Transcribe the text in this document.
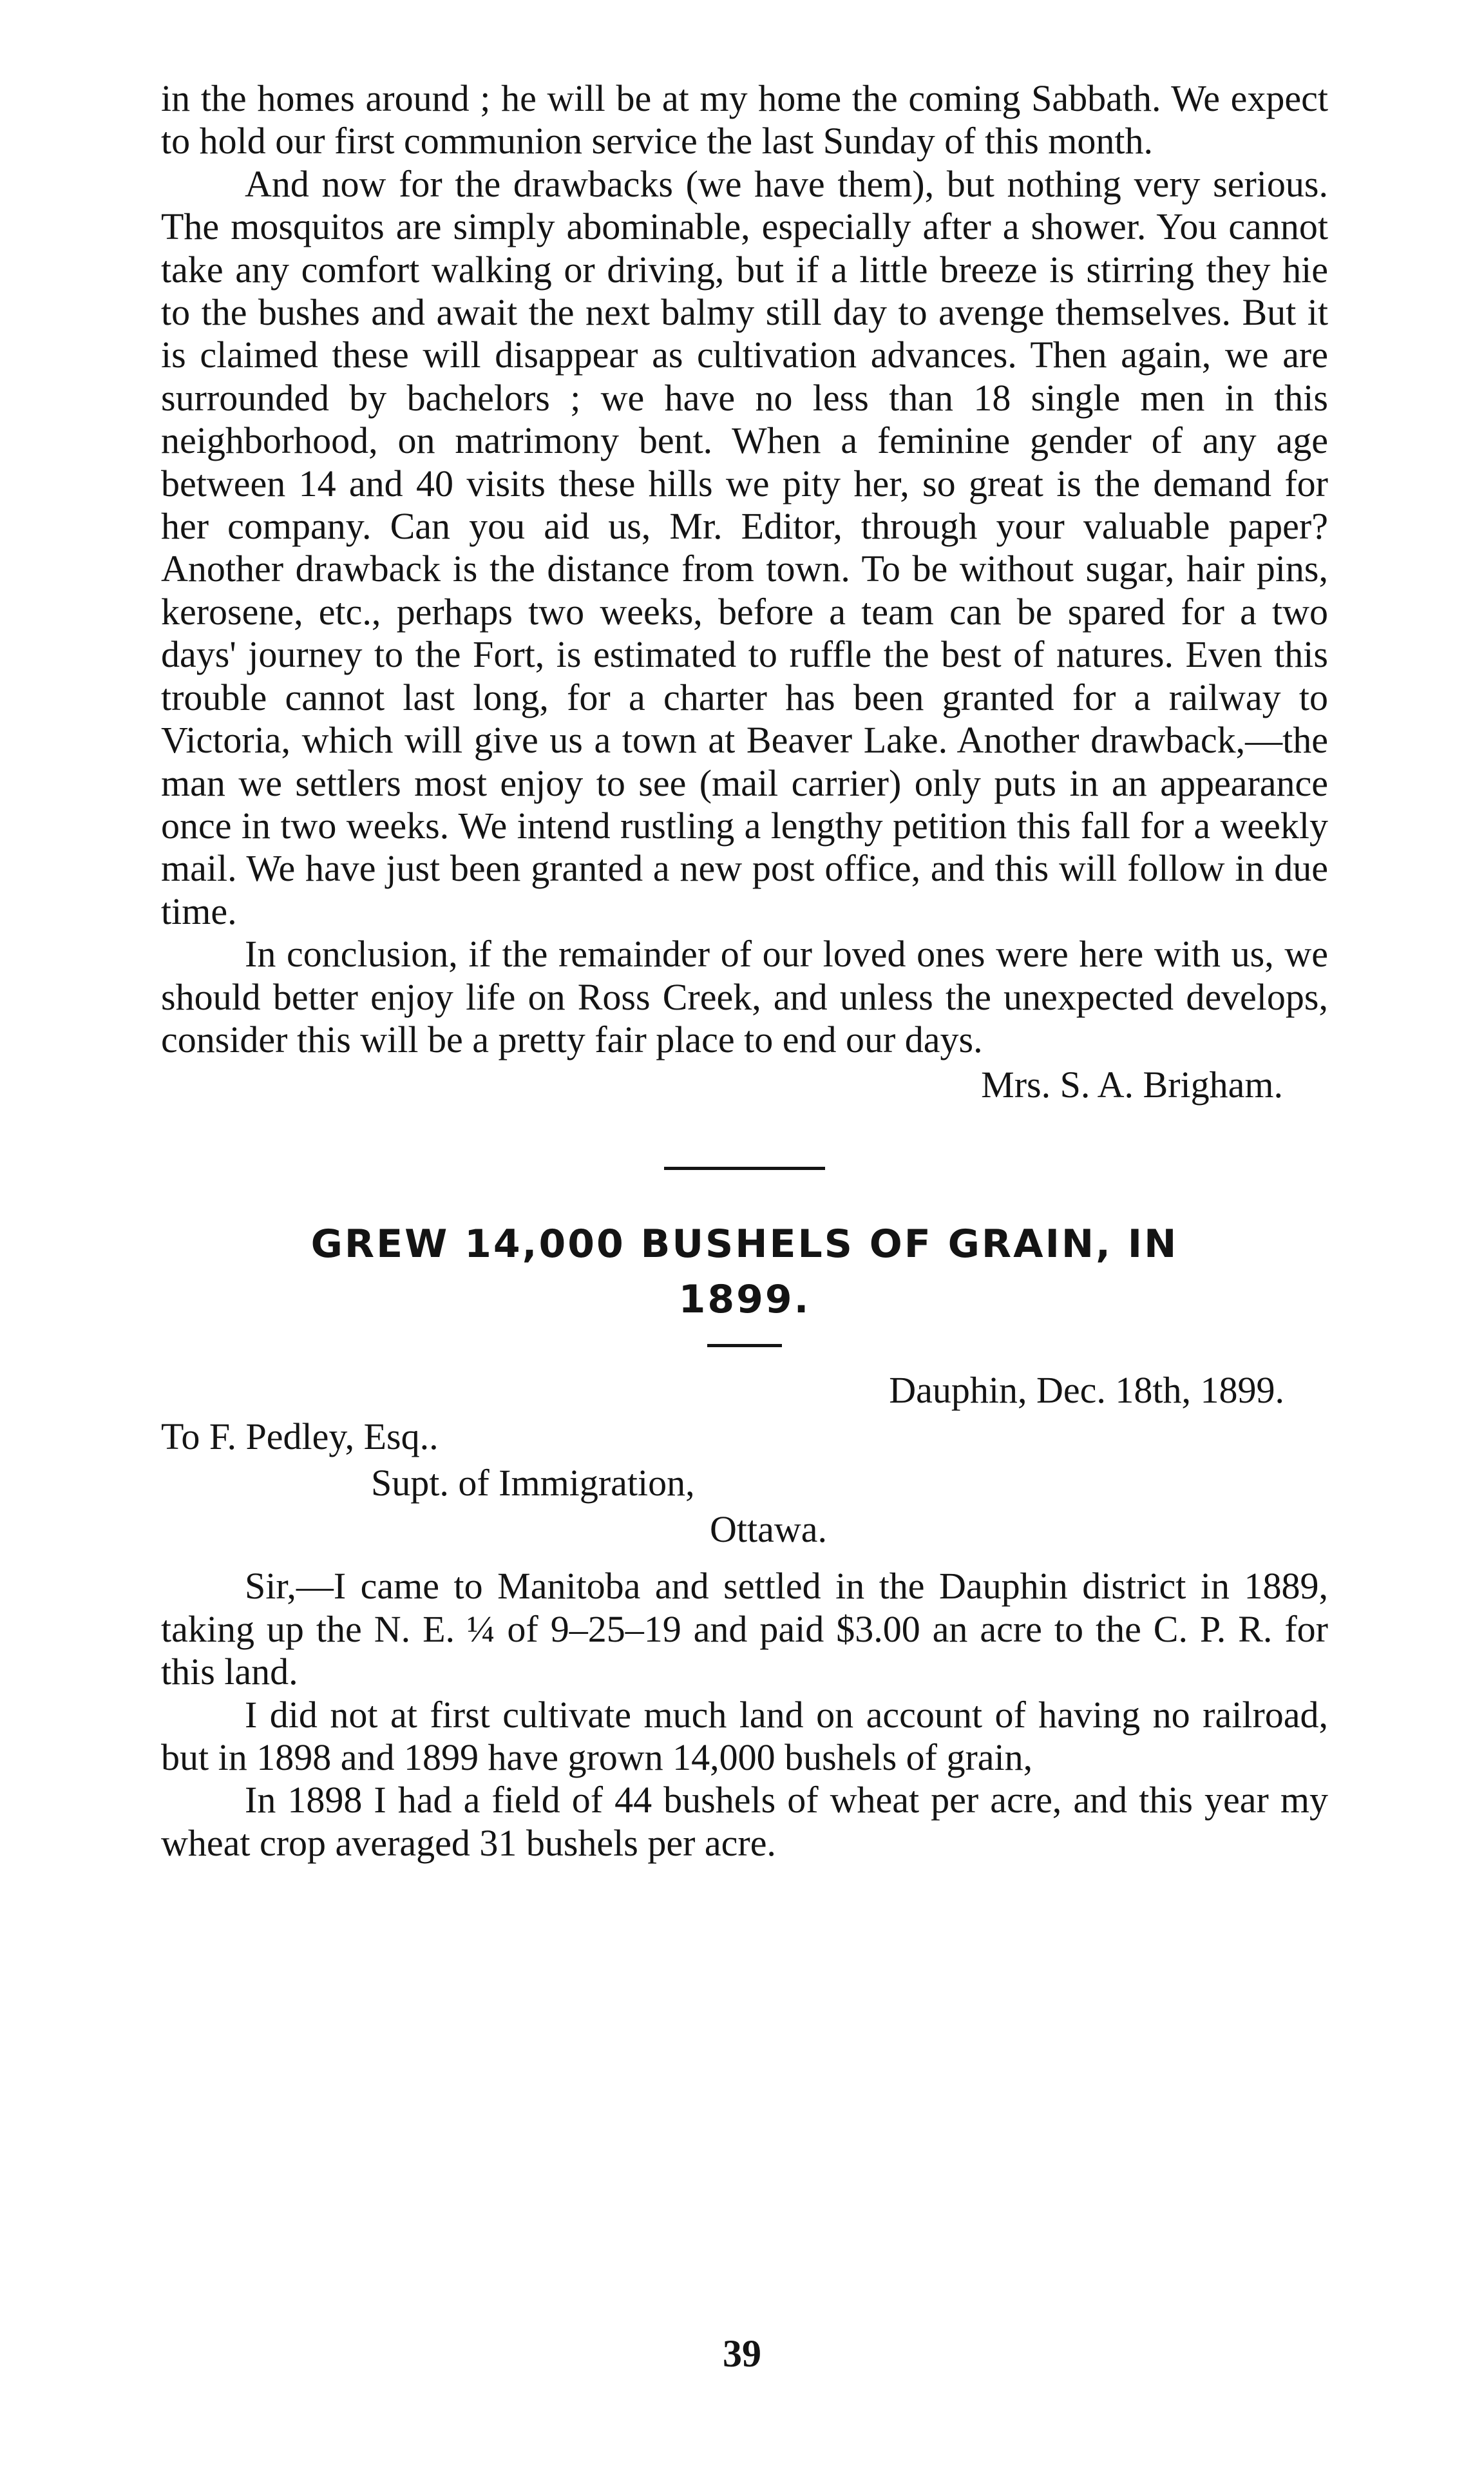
in the homes around ; he will be at my home the coming Sabbath. We expect to hold our first communion service the last Sunday of this month.

And now for the drawbacks (we have them), but nothing very serious. The mosquitos are simply abominable, especially after a shower. You cannot take any comfort walking or driving, but if a little breeze is stirring they hie to the bushes and await the next balmy still day to avenge themselves. But it is claimed these will disappear as cultivation advances. Then again, we are surrounded by bachelors ; we have no less than 18 single men in this neighborhood, on matrimony bent. When a feminine gender of any age between 14 and 40 visits these hills we pity her, so great is the demand for her company. Can you aid us, Mr. Editor, through your valuable paper? Another drawback is the distance from town. To be without sugar, hair pins, kerosene, etc., perhaps two weeks, before a team can be spared for a two days' journey to the Fort, is estimated to ruffle the best of natures. Even this trouble cannot last long, for a charter has been granted for a railway to Victoria, which will give us a town at Beaver Lake. Another drawback,—the man we settlers most enjoy to see (mail carrier) only puts in an appearance once in two weeks. We intend rustling a lengthy petition this fall for a weekly mail. We have just been granted a new post office, and this will follow in due time.

In conclusion, if the remainder of our loved ones were here with us, we should better enjoy life on Ross Creek, and unless the unexpected develops, consider this will be a pretty fair place to end our days.

Mrs. S. A. Brigham.

GREW 14,000 BUSHELS OF GRAIN, IN
1899.

Dauphin, Dec. 18th, 1899.

To F. Pedley, Esq..

Supt. of Immigration,

Ottawa.

Sir,—I came to Manitoba and settled in the Dauphin district in 1889, taking up the N. E. ¼ of 9–25–19 and paid $3.00 an acre to the C. P. R. for this land.

I did not at first cultivate much land on account of having no railroad, but in 1898 and 1899 have grown 14,000 bushels of grain,

In 1898 I had a field of 44 bushels of wheat per acre, and this year my wheat crop averaged 31 bushels per acre.

39
